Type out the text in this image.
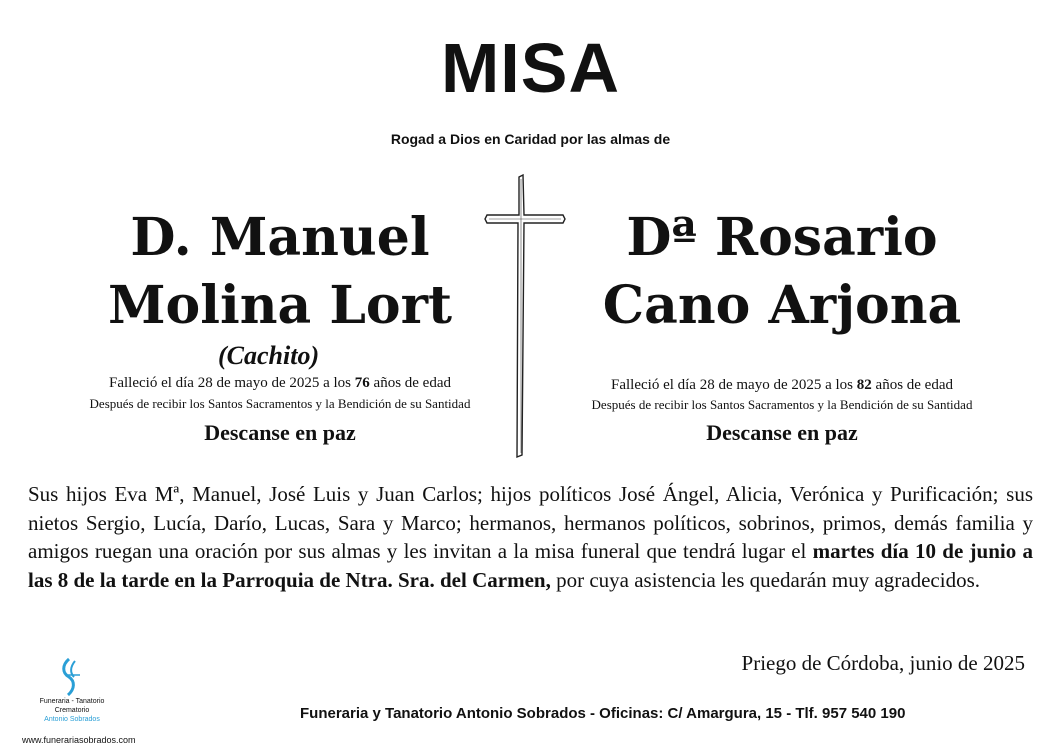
MISA
Rogad a Dios en Caridad por las almas de
D. Manuel
Molina Lort
(Cachito)
Falleció el día 28 de mayo de 2025 a los 76 años de edad
Después de recibir los Santos Sacramentos y la Bendición de su Santidad
Descanse en paz
Dª Rosario
Cano Arjona
Falleció el día 28 de mayo de 2025 a los 82 años de edad
Después de recibir los Santos Sacramentos y la Bendición de su Santidad
Descanse en paz
Sus hijos Eva Mª, Manuel, José Luis y Juan Carlos; hijos políticos José Ángel, Alicia, Verónica y Purificación; sus nietos Sergio, Lucía, Darío, Lucas, Sara y Marco; hermanos, hermanos políticos, sobrinos, primos, demás familia y amigos ruegan una oración por sus almas y les invitan a la misa funeral que tendrá lugar el martes día 10 de junio a las 8 de la tarde en la Parroquia de Ntra. Sra. del Carmen, por cuya asistencia les quedarán muy agradecidos.
Priego de Córdoba, junio de 2025
Funeraria - Tanatorio
Crematorio
Antonio Sobrados
www.funerariasobrados.com
Funeraria y Tanatorio Antonio Sobrados - Oficinas: C/ Amargura, 15 - Tlf. 957 540 190
